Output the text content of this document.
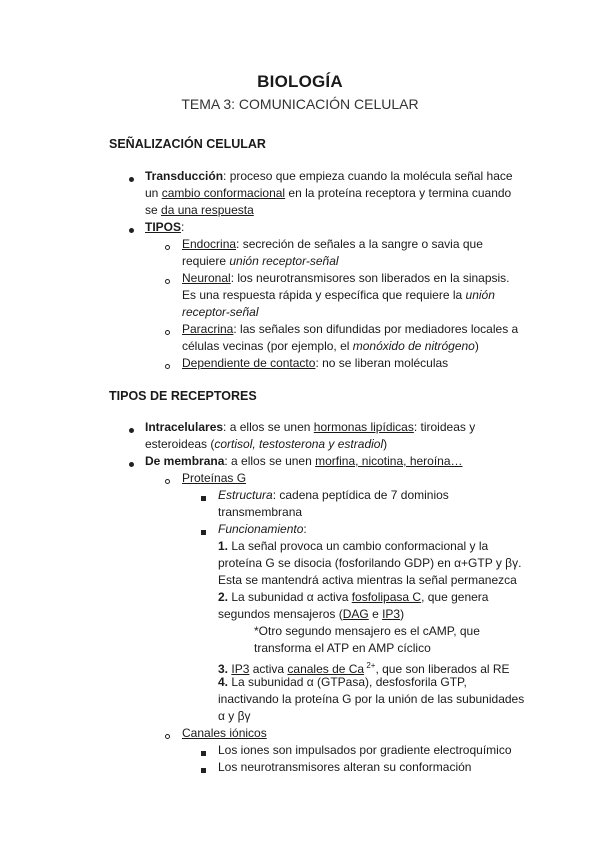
BIOLOGÍA
TEMA 3: COMUNICACIÓN CELULAR
SEÑALIZACIÓN CELULAR
Transducción: proceso que empieza cuando la molécula señal hace
un cambio conformacional en la proteína receptora y termina cuando
se da una respuesta
TIPOS:
Endocrina: secreción de señales a la sangre o savia que
requiere unión receptor-señal
Neuronal: los neurotransmisores son liberados en la sinapsis.
Es una respuesta rápida y específica que requiere la unión
receptor-señal
Paracrina: las señales son difundidas por mediadores locales a
células vecinas (por ejemplo, el monóxido de nitrógeno)
Dependiente de contacto: no se liberan moléculas
TIPOS DE RECEPTORES
Intracelulares: a ellos se unen hormonas lipídicas: tiroideas y
esteroideas (cortisol, testosterona y estradiol)
De membrana: a ellos se unen morfina, nicotina, heroína…
Proteínas G
Estructura: cadena peptídica de 7 dominios
transmembrana
Funcionamiento:
1. La señal provoca un cambio conformacional y la
proteína G se disocia (fosforilando GDP) en α+GTP y βγ.
Esta se mantendrá activa mientras la señal permanezca
2. La subunidad α activa fosfolipasa C, que genera
segundos mensajeros (DAG e IP3)
*Otro segundo mensajero es el cAMP, que
transforma el ATP en AMP cíclico
3. IP3 activa canales de Ca $^{2+}$, que son liberados al RE
4. La subunidad α (GTPasa), desfosforila GTP,
inactivando la proteína G por la unión de las subunidades
α y βγ
Canales iónicos
Los iones son impulsados por gradiente electroquímico
Los neurotransmisores alteran su conformación
